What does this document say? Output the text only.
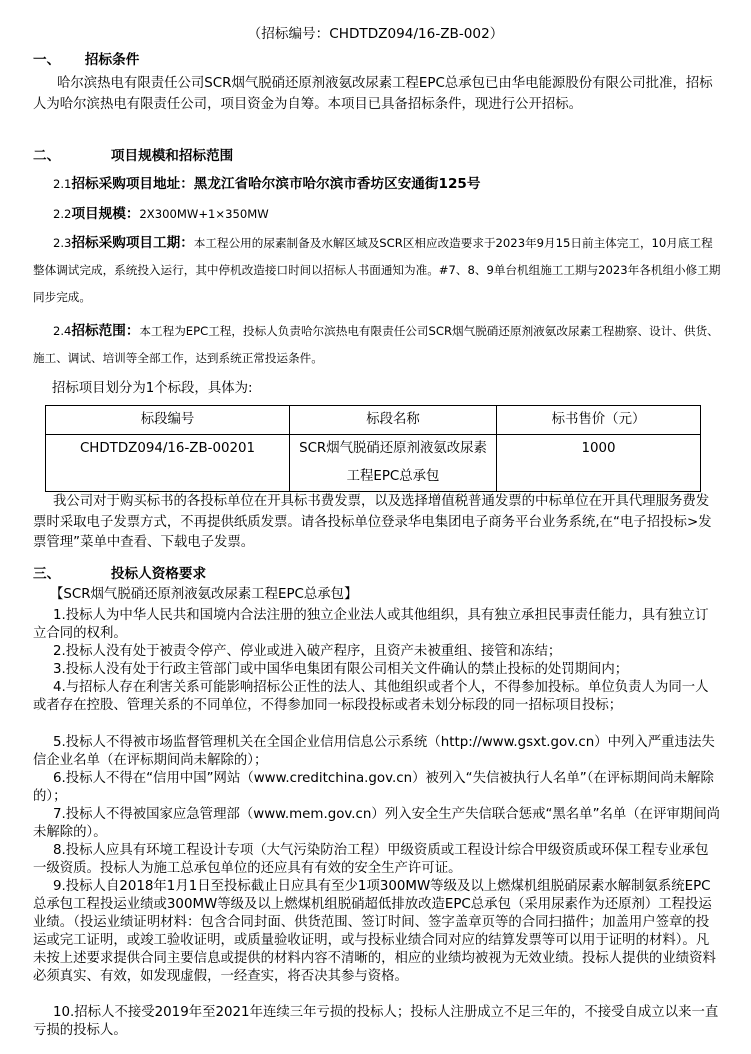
（招标编号：CHDTDZ094/16-ZB-002）

一、 招标条件

哈尔滨热电有限责任公司SCR烟气脱硝还原剂液氨改尿素工程EPC总承包已由华电能源股份有限公司批准，招标人为哈尔滨热电有限责任公司，项目资金为自筹。本项目已具备招标条件，现进行公开招标。

二、	项目规模和招标范围

2.1招标采购项目地址：黑龙江省哈尔滨市哈尔滨市香坊区安通街125号

2.2项目规模：2X300MW+1×350MW

2.3招标采购项目工期：本工程公用的尿素制备及水解区域及SCR区相应改造要求于2023年9月15日前主体完工，10月底工程整体调试完成，系统投入运行，其中停机改造接口时间以招标人书面通知为准。#7、8、9单台机组施工工期与2023年各机组小修工期同步完成。

2.4招标范围：本工程为EPC工程，投标人负责哈尔滨热电有限责任公司SCR烟气脱硝还原剂液氨改尿素工程勘察、设计、供货、施工、调试、培训等全部工作，达到系统正常投运条件。

招标项目划分为1个标段，具体为:

标段编号	标段名称	标书售价（元）
CHDTDZ094/16-ZB-00201	SCR烟气脱硝还原剂液氨改尿素工程EPC总承包	1000

我公司对于购买标书的各投标单位在开具标书费发票，以及选择增值税普通发票的中标单位在开具代理服务费发票时采取电子发票方式，不再提供纸质发票。请各投标单位登录华电集团电子商务平台业务系统,在“电子招投标>发票管理”菜单中查看、下载电子发票。

三、	投标人资格要求

【SCR烟气脱硝还原剂液氨改尿素工程EPC总承包】

1.投标人为中华人民共和国境内合法注册的独立企业法人或其他组织，具有独立承担民事责任能力，具有独立订立合同的权利。

2.投标人没有处于被责令停产、停业或进入破产程序，且资产未被重组、接管和冻结；

3.投标人没有处于行政主管部门或中国华电集团有限公司相关文件确认的禁止投标的处罚期间内；

4.与招标人存在利害关系可能影响招标公正性的法人、其他组织或者个人，不得参加投标。单位负责人为同一人或者存在控股、管理关系的不同单位，不得参加同一标段投标或者未划分标段的同一招标项目投标；

5.投标人不得被市场监督管理机关在全国企业信用信息公示系统（http://www.gsxt.gov.cn）中列入严重违法失信企业名单（在评标期间尚未解除的）；

6.投标人不得在“信用中国”网站（www.creditchina.gov.cn）被列入“失信被执行人名单”（在评标期间尚未解除的）；

7.投标人不得被国家应急管理部（www.mem.gov.cn）列入安全生产失信联合惩戒“黑名单”名单（在评审期间尚未解除的）。

8.投标人应具有环境工程设计专项（大气污染防治工程）甲级资质或工程设计综合甲级资质或环保工程专业承包一级资质。投标人为施工总承包单位的还应具有有效的安全生产许可证。

9.投标人自2018年1月1日至投标截止日应具有至少1项300MW等级及以上燃煤机组脱硝尿素水解制氨系统EPC总承包工程投运业绩或300MW等级及以上燃煤机组脱硝超低排放改造EPC总承包（采用尿素作为还原剂）工程投运业绩。（投运业绩证明材料：包含合同封面、供货范围、签订时间、签字盖章页等的合同扫描件；加盖用户签章的投运或完工证明，或竣工验收证明，或质量验收证明，或与投标业绩合同对应的结算发票等可以用于证明的材料）。凡未按上述要求提供合同主要信息或提供的材料内容不清晰的，相应的业绩均被视为无效业绩。投标人提供的业绩资料必须真实、有效，如发现虚假，一经查实，将否决其参与资格。

10.招标人不接受2019年至2021年连续三年亏损的投标人；投标人注册成立不足三年的，不接受自成立以来一直亏损的投标人。
